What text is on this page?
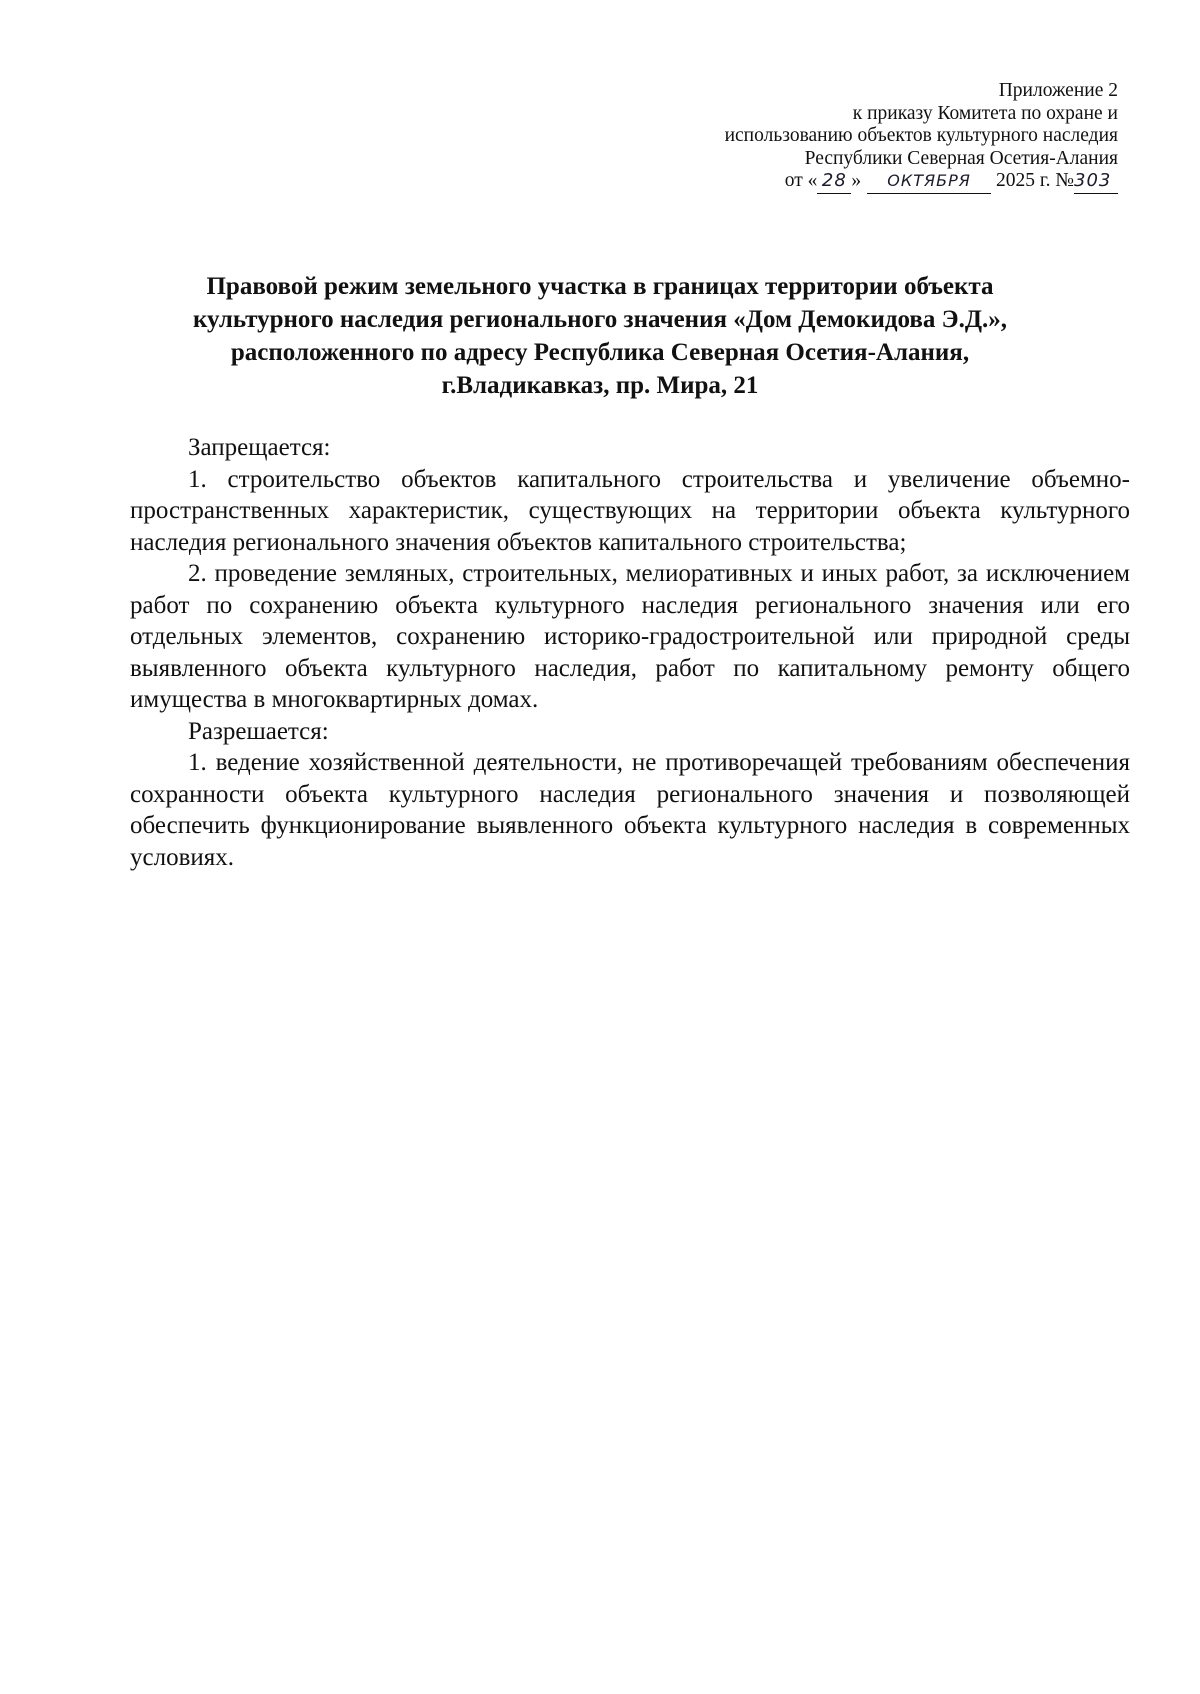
Приложение 2
к приказу Комитета по охране и
использованию объектов культурного наследия
Республики Северная Осетия-Алания
от « 28 » ОКТЯБРЯ 2025 г. №303
Правовой режим земельного участка в границах территории объекта
культурного наследия регионального значения «Дом Демокидова Э.Д.»,
расположенного по адресу Республика Северная Осетия-Алания,
г.Владикавказ, пр. Мира, 21

Запрещается:

1. строительство объектов капитального строительства и увеличение объемно-пространственных характеристик, существующих на территории объекта культурного наследия регионального значения объектов капитального строительства;

2. проведение земляных, строительных, мелиоративных и иных работ, за исключением работ по сохранению объекта культурного наследия регионального значения или его отдельных элементов, сохранению историко-градостроительной или природной среды выявленного объекта культурного наследия, работ по капитальному ремонту общего имущества в многоквартирных домах.

Разрешается:

1. ведение хозяйственной деятельности, не противоречащей требованиям обеспечения сохранности объекта культурного наследия регионального значения и позволяющей обеспечить функционирование выявленного объекта культурного наследия в современных условиях.
